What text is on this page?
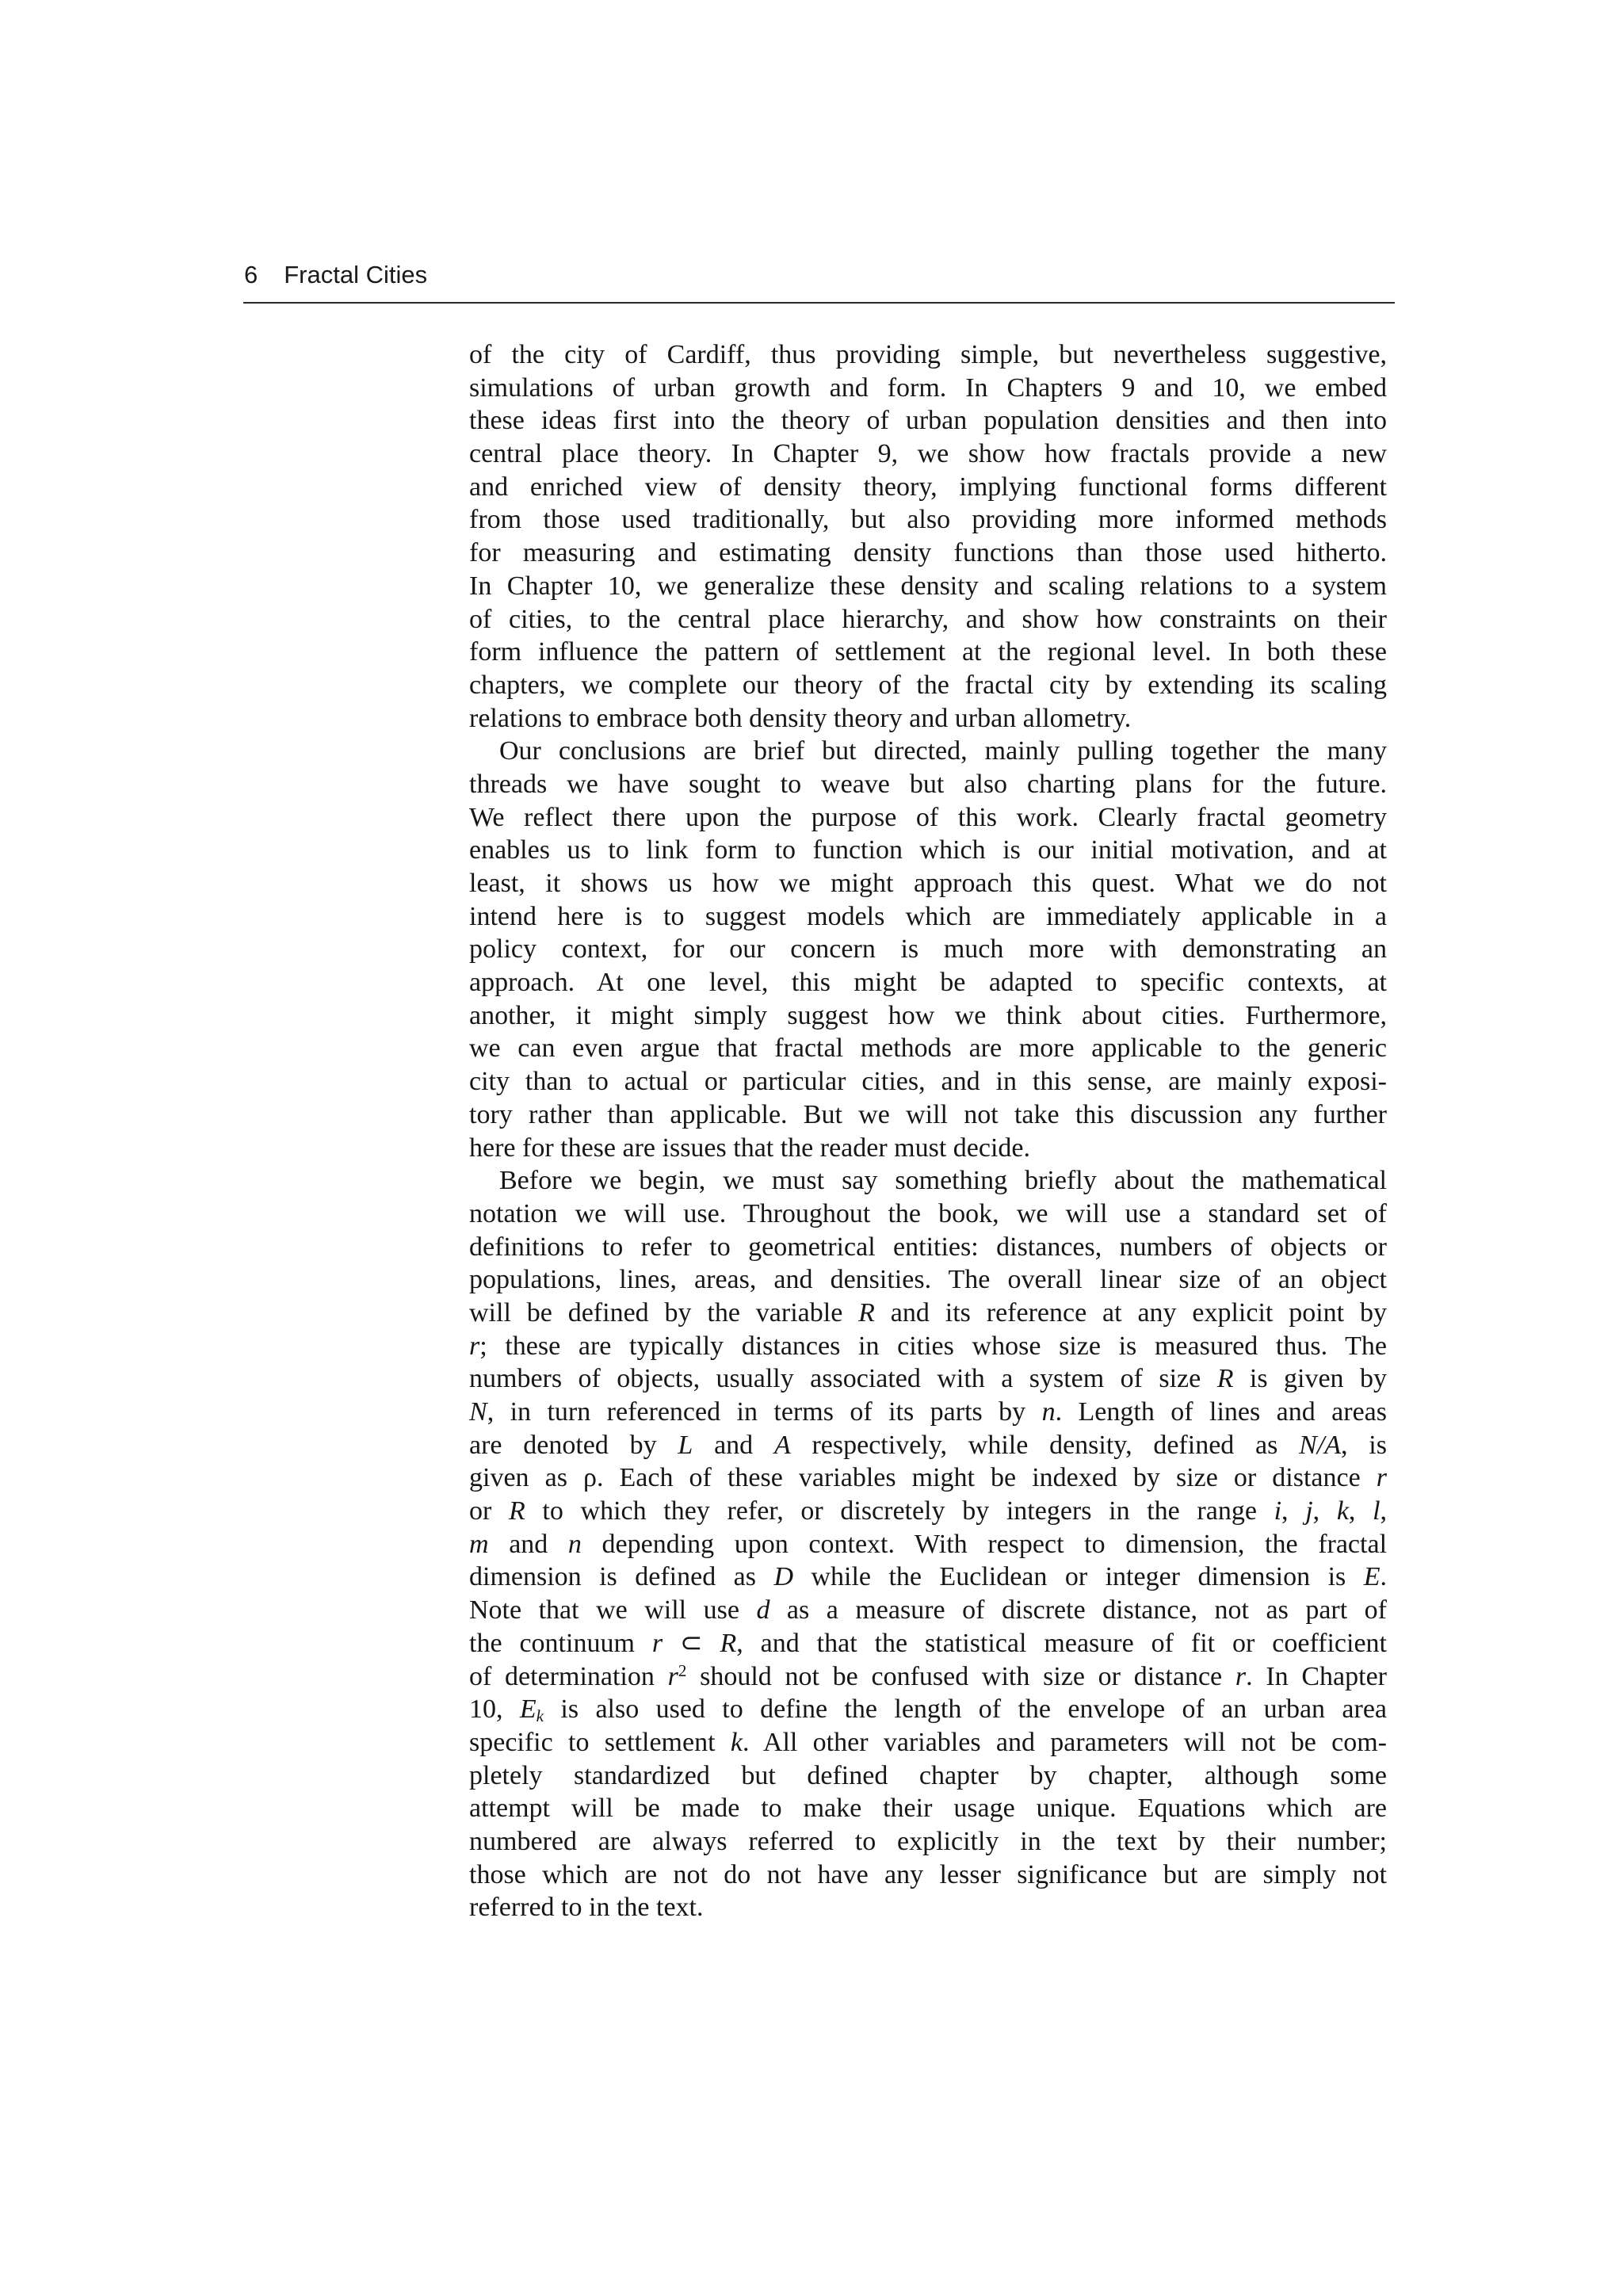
6 Fractal Cities
of the city of Cardiff, thus providing simple, but nevertheless suggestive,
simulations of urban growth and form. In Chapters 9 and 10, we embed
these ideas first into the theory of urban population densities and then into
central place theory. In Chapter 9, we show how fractals provide a new
and enriched view of density theory, implying functional forms different
from those used traditionally, but also providing more informed methods
for measuring and estimating density functions than those used hitherto.
In Chapter 10, we generalize these density and scaling relations to a system
of cities, to the central place hierarchy, and show how constraints on their
form influence the pattern of settlement at the regional level. In both these
chapters, we complete our theory of the fractal city by extending its scaling
relations to embrace both density theory and urban allometry.
Our conclusions are brief but directed, mainly pulling together the many
threads we have sought to weave but also charting plans for the future.
We reflect there upon the purpose of this work. Clearly fractal geometry
enables us to link form to function which is our initial motivation, and at
least, it shows us how we might approach this quest. What we do not
intend here is to suggest models which are immediately applicable in a
policy context, for our concern is much more with demonstrating an
approach. At one level, this might be adapted to specific contexts, at
another, it might simply suggest how we think about cities. Furthermore,
we can even argue that fractal methods are more applicable to the generic
city than to actual or particular cities, and in this sense, are mainly exposi-
tory rather than applicable. But we will not take this discussion any further
here for these are issues that the reader must decide.
Before we begin, we must say something briefly about the mathematical
notation we will use. Throughout the book, we will use a standard set of
definitions to refer to geometrical entities: distances, numbers of objects or
populations, lines, areas, and densities. The overall linear size of an object
will be defined by the variable R and its reference at any explicit point by
r; these are typically distances in cities whose size is measured thus. The
numbers of objects, usually associated with a system of size R is given by
N, in turn referenced in terms of its parts by n. Length of lines and areas
are denoted by L and A respectively, while density, defined as N/A, is
given as ρ. Each of these variables might be indexed by size or distance r
or R to which they refer, or discretely by integers in the range i, j, k, l,
m and n depending upon context. With respect to dimension, the fractal
dimension is defined as D while the Euclidean or integer dimension is E.
Note that we will use d as a measure of discrete distance, not as part of
the continuum r ⊂ R, and that the statistical measure of fit or coefficient
of determination $r^2$ should not be confused with size or distance r. In Chapter
10, Ek is also used to define the length of the envelope of an urban area
specific to settlement k. All other variables and parameters will not be com-
pletely standardized but defined chapter by chapter, although some
attempt will be made to make their usage unique. Equations which are
numbered are always referred to explicitly in the text by their number;
those which are not do not have any lesser significance but are simply not
referred to in the text.
